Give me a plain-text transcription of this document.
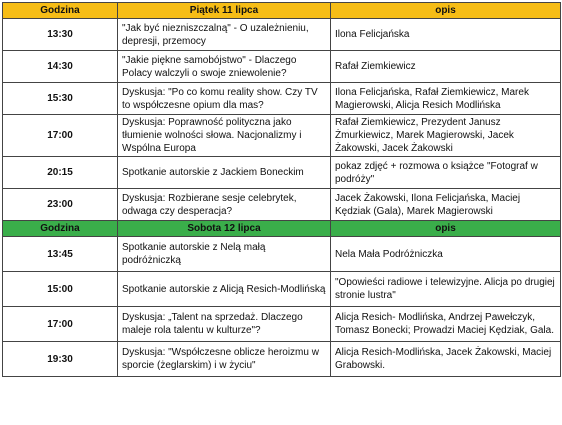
Godzina	Piątek 11 lipca	opis
13:30	"Jak być niezniszczalną" - O uzależnieniu, depresji, przemocy	Ilona Felicjańska
14:30	"Jakie piękne samobójstwo" - Dlaczego Polacy walczyli o swoje zniewolenie?	Rafał Ziemkiewicz
15:30	Dyskusja: "Po co komu reality show. Czy TV to współczesne opium dla mas?	Ilona Felicjańska, Rafał Ziemkiewicz, Marek Magierowski, Alicja Resich Modlińska
17:00	Dyskusja: Poprawność polityczna jako tłumienie wolności słowa. Nacjonalizmy i Wspólna Europa	Rafał Ziemkiewicz, Prezydent Janusz Żmurkiewicz, Marek Magierowski, Jacek Żakowski, Jacek Żakowski
20:15	Spotkanie autorskie z Jackiem Boneckim	pokaz zdjęć + rozmowa o książce "Fotograf w podróży"
23:00	Dyskusja: Rozbierane sesje celebrytek, odwaga czy desperacja?	Jacek Żakowski, Ilona Felicjańska, Maciej Kędziak (Gala), Marek Magierowski
Godzina	Sobota 12 lipca	opis
13:45	Spotkanie autorskie z Nelą małą podróżniczką	Nela Mała Podróżniczka
15:00	Spotkanie autorskie z Alicją Resich-Modlińską	"Opowieści radiowe i telewizyjne. Alicja po drugiej stronie lustra"
17:00	Dyskusja: „Talent na sprzedaż. Dlaczego maleje rola talentu w kulturze"?	Alicja Resich- Modlińska, Andrzej Pawełczyk, Tomasz Bonecki; Prowadzi Maciej Kędziak, Gala.
19:30	Dyskusja: "Współczesne oblicze heroizmu w sporcie (żeglarskim) i w życiu"	Alicja Resich-Modlińska, Jacek Żakowski, Maciej Grabowski.
